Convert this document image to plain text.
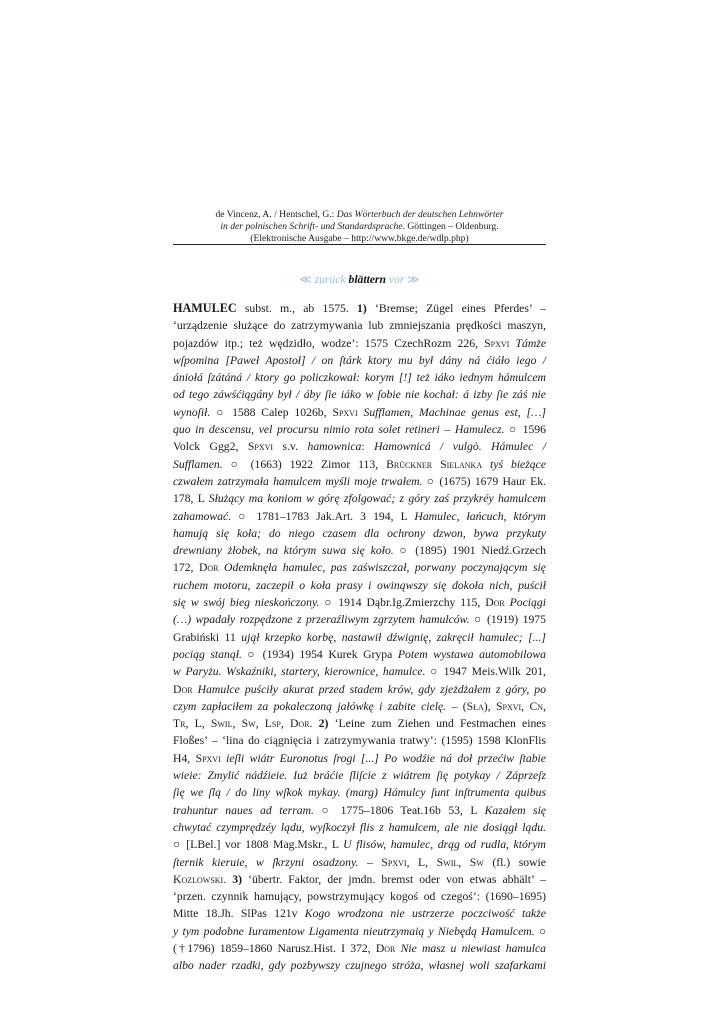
de Vincenz, A. / Hentschel, G.: Das Wörterbuch der deutschen Lehnwörter
in der polnischen Schrift- und Standardsprache. Göttingen – Oldenburg.
(Elektronische Ausgabe – http://www.bkge.de/wdlp.php)
≪ zurück blättern vor ≫
HAMULEC subst. m., ab 1575. 1) ‘Bremse; Zügel eines Pferdes’ –
‘urządzenie służące do zatrzymywania lub zmniejszania prędkości maszyn,
pojazdów itp.; też wędzidło, wodze’: 1575 CzechRozm 226, Spxvi Támże
wſpomina [Paweł Apostoł] / on ſtárk ktory mu był dány ná ćiáło iego /
ániołá ſzátáná / ktory go policzkował: korym [!] też iáko iednym hámulcem
od tego záwśćiągány był / áby ſie iáko w ſobie nie kochał: á izby ſie záś nie
wynoſił. ○ 1588 Calep 1026b, Spxvi Sufflamen, Machinae genus est, […]
quo in descensu, vel procursu nimio rota solet retineri – Hamulecz. ○ 1596
Volck Ggg2, Spxvi s.v. hamownica: Hamownicá / vulgò. Hámulec /
Sufflamen. ○ (1663) 1922 Zimor 113, Brückner Sielanka tyś bieżące
czwałem zatrzymała hamulcem myśli moje trwałem. ○ (1675) 1679 Haur Ek.
178, L Służący ma koniom w górę zfolgować; z góry zaś przykréy hamulcem
zahamować. ○ 1781–1783 Jak.Art. 3 194, L Hamulec, łańcuch, którym
hamują się koła; do niego czasem dla ochrony dzwon, bywa przykuty
drewniany żłobek, na którym suwa się koło. ○ (1895) 1901 Niedź.Grzech
172, Dor Odemknęła hamulec, pas zaświszczał, porwany poczynającym się
ruchem motoru, zaczepił o koła prasy i owinąwszy się dokoła nich, puścił
się w swój bieg nieskończony. ○ 1914 Dąbr.Ig.Zmierzchy 115, Dor Pociągi
(…) wpadały rozpędzone z przeraźliwym zgrzytem hamulców. ○ (1919) 1975
Grabiński 11 ujął krzepko korbę, nastawił dźwignię, zakręcił hamulec; [...]
pociąg stanął. ○ (1934) 1954 Kurek Grypa Potem wystawa automobilowa
w Paryżu. Wskaźniki, startery, kierownice, hamulce. ○ 1947 Meis.Wilk 201,
Dor Hamulce puściły akurat przed stadem krów, gdy zjeżdżałem z góry, po
czym zapłaciłem za pokaleczoną jałówkę i zabite cielę. – (Sła), Spxvi, Cn,
Tr, L, Swil, Sw, Lsp, Dor. 2) ‘Leine zum Ziehen und Festmachen eines
Floßes’ – ‘lina do ciągnięcia i zatrzymywania tratwy’: (1595) 1598 KlonFlis
H4, Spxvi ieſli wiátr Euronotus ſrogi [...] Po wodźie ná doł przećiw ſtabie
wieie: Zmylić nádźieie. Iuż bráćie ſliſcie z wiátrem ſię potykay / Záprzeſz
ſię we ſlą / do liny wſkok mykay. (marg) Hámulcy ſunt inſtrumenta quibus
trahuntur naues ad terram. ○ 1775–1806 Teat.16b 53, L Kazałem się
chwytać czymprędzéy lądu, wyſkoczył flis z hamulcem, ale nie dosiągł lądu.
○ [LBel.] vor 1808 Mag.Mskr., L U flisów, hamulec, drąg od rudla, którym
ſternik kieruie, w ſkrzyni osadzony. – Spxvi, L, Swil, Sw (fl.) sowie
Kozlowski. 3) ‘übertr. Faktor, der jmdn. bremst oder von etwas abhält’ –
‘przen. czynnik hamujący, powstrzymujący kogoś od czegoś’: (1690–1695)
Mitte 18.Jh. SlPas 121v Kogo wrodzona nie ustrzerze poczciwość także
y tym podobne Iuramentow Ligamenta nieutrzymaią y Niebędą Hamulcem. ○
(†1796) 1859–1860 Narusz.Hist. I 372, Dor Nie masz u niewiast hamulca
albo nader rzadki, gdy pozbywszy czujnego stróża, własnej woli szafarkami
